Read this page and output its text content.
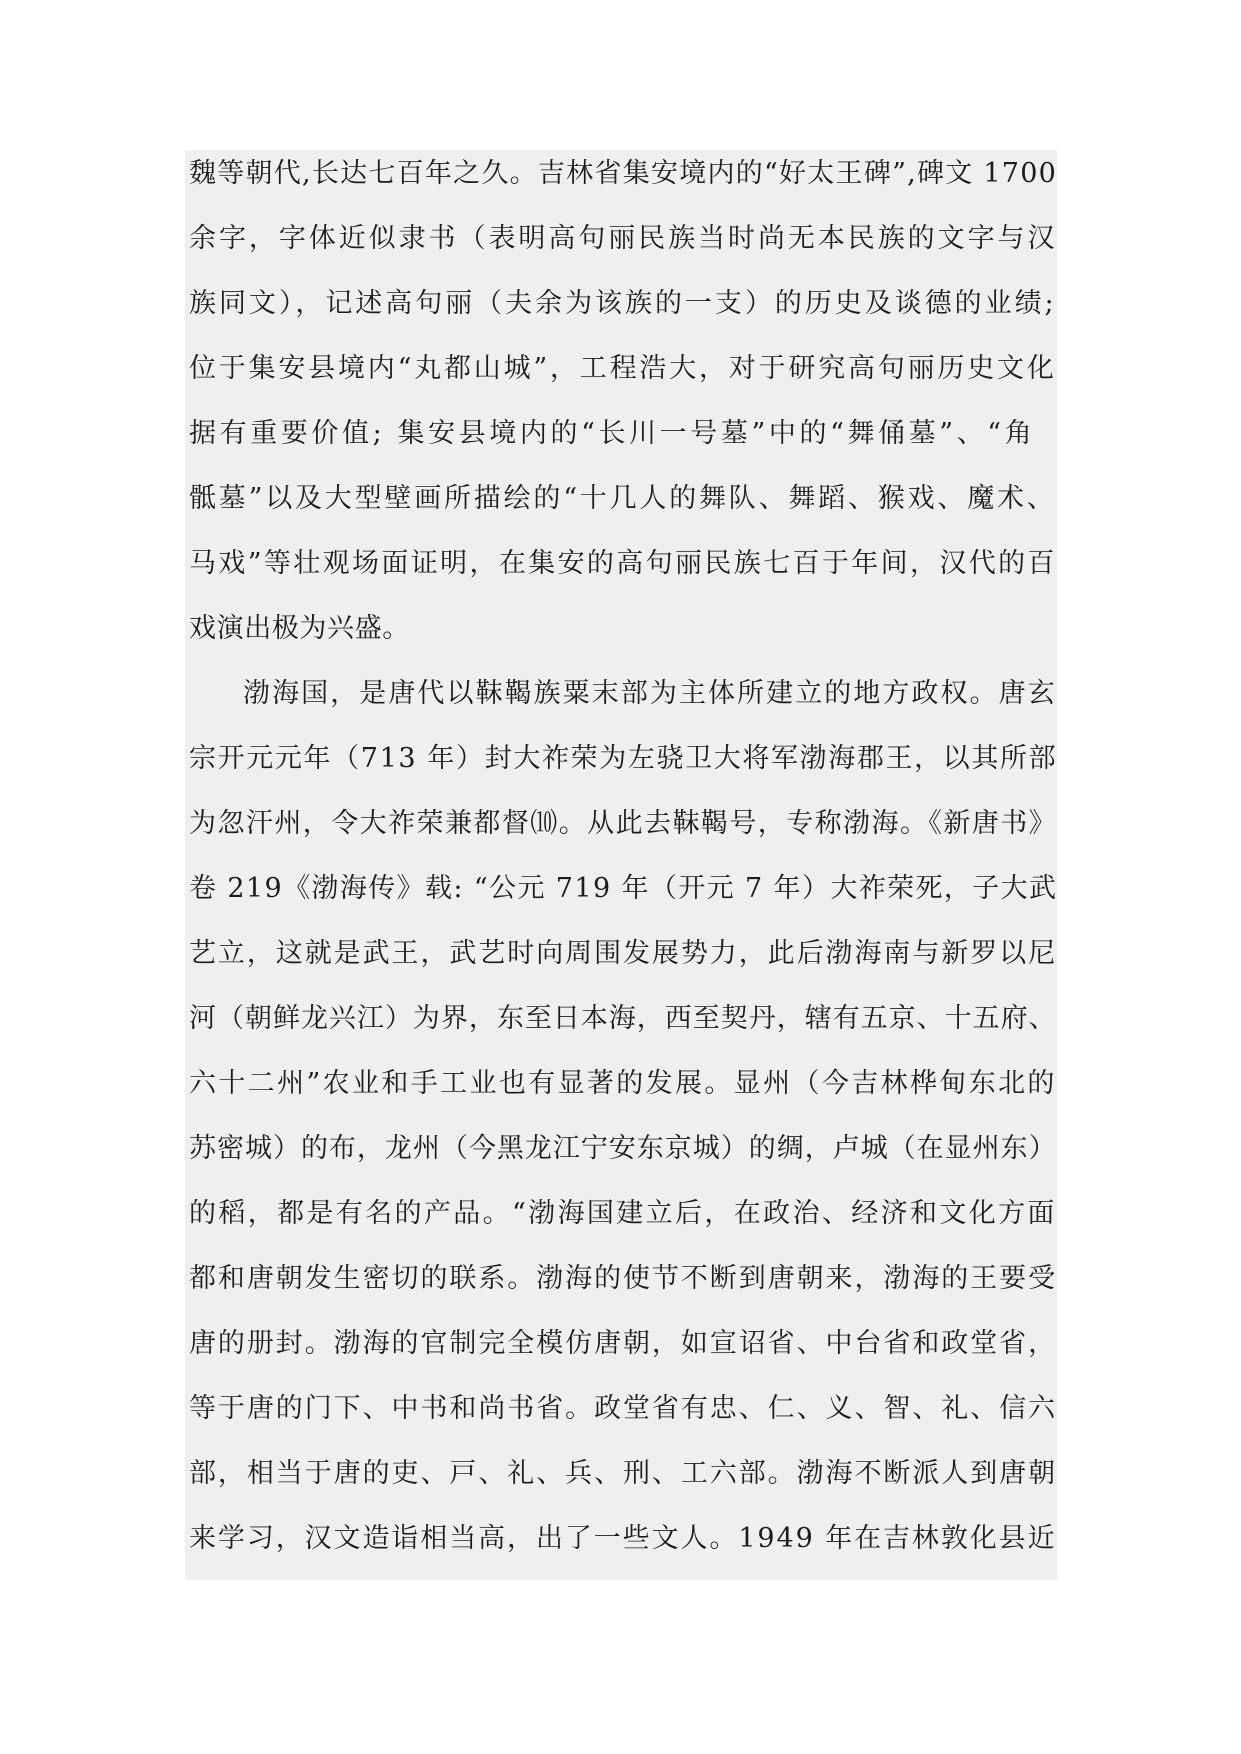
魏等朝代,长达七百年之久。吉林省集安境内的“好太王碑”,碑文 1700
余字，字体近似隶书（表明高句丽民族当时尚无本民族的文字与汉
族同文），记述高句丽（夫余为该族的一支）的历史及谈德的业绩;
位于集安县境内“丸都山城”，工程浩大，对于研究高句丽历史文化
据有重要价值; 集安县境内的“长川一号墓”中的“舞俑墓”、“角
骶墓”以及大型壁画所描绘的“十几人的舞队、舞蹈、猴戏、魔术、
马戏”等壮观场面证明，在集安的高句丽民族七百于年间，汉代的百
戏演出极为兴盛。
渤海国，是唐代以靺鞨族粟末部为主体所建立的地方政权。唐玄
宗开元元年（713 年）封大祚荣为左骁卫大将军渤海郡王，以其所部
为忽汗州，令大祚荣兼都督⑽。从此去靺鞨号，专称渤海。《新唐书》
卷 219《渤海传》载: “公元 719 年（开元 7 年）大祚荣死，子大武
艺立，这就是武王，武艺时向周围发展势力，此后渤海南与新罗以尼
河（朝鲜龙兴江）为界，东至日本海，西至契丹，辖有五京、十五府、
六十二州”农业和手工业也有显著的发展。显州（今吉林桦甸东北的
苏密城）的布，龙州（今黑龙江宁安东京城）的绸，卢城（在显州东）
的稻，都是有名的产品。“渤海国建立后，在政治、经济和文化方面
都和唐朝发生密切的联系。渤海的使节不断到唐朝来，渤海的王要受
唐的册封。渤海的官制完全模仿唐朝，如宣诏省、中台省和政堂省，
等于唐的门下、中书和尚书省。政堂省有忠、仁、义、智、礼、信六
部，相当于唐的吏、戸、礼、兵、刑、工六部。渤海不断派人到唐朝
来学习，汉文造诣相当高，出了一些文人。1949 年在吉林敦化县近
